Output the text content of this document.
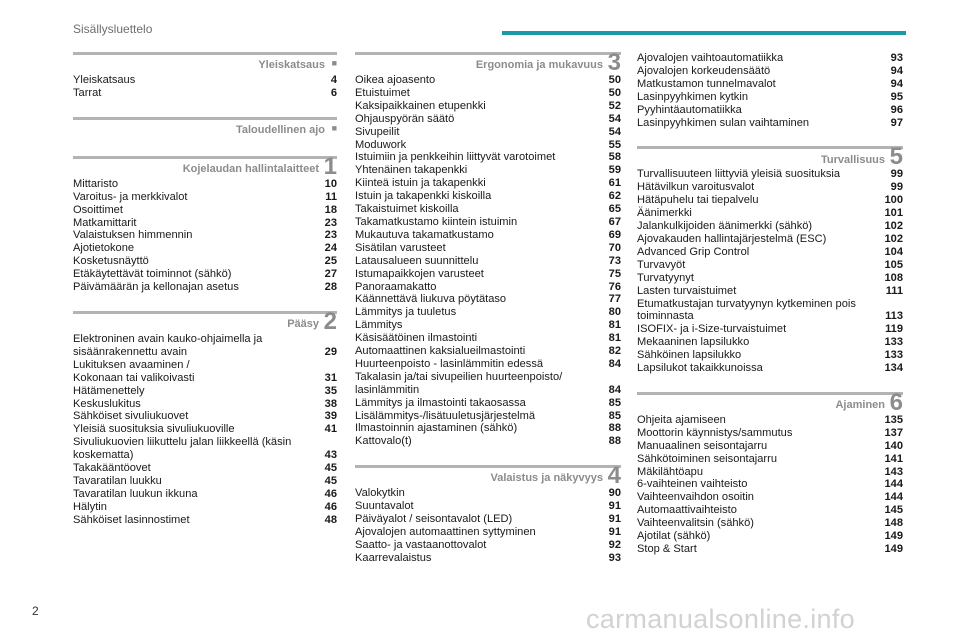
Sisällysluettelo
Yleiskatsaus ■
Yleiskatsaus	4
Tarrat	6
Taloudellinen ajo ■
Kojelaudan hallintalaitteet 1
Mittaristo	10
Varoitus- ja merkkivalot	11
Osoittimet	18
Matkamittarit	23
Valaistuksen himmennin	23
Ajotietokone	24
Kosketusnäyttö	25
Etäkäytettävät toiminnot (sähkö)	27
Päivämäärän ja kellonajan asetus	28
Pääsy 2
Elektroninen avain kauko-ohjaimella ja
sisäänrakennettu avain	29
Lukituksen avaaminen /
Kokonaan tai valikoivasti	31
Hätämenettely	35
Keskuslukitus	38
Sähköiset sivuliukuovet	39
Yleisiä suosituksia sivuliukuoville	41
Sivuliukuovien liikuttelu jalan liikkeellä (käsin
koskematta)	43
Takakääntöovet	45
Tavaratilan luukku	45
Tavaratilan luukun ikkuna	46
Hälytin	46
Sähköiset lasinnostimet	48
Ergonomia ja mukavuus 3
Oikea ajoasento	50
Etuistuimet	50
Kaksipaikkainen etupenkki	52
Ohjauspyörän säätö	54
Sivupeilit	54
Moduwork	55
Istuimiin ja penkkeihin liittyvät varotoimet	58
Yhtenäinen takapenkki	59
Kiinteä istuin ja takapenkki	61
Istuin ja takapenkki kiskoilla	62
Takaistuimet kiskoilla	65
Takamatkustamo kiintein istuimin	67
Mukautuva takamatkustamo	69
Sisätilan varusteet	70
Latausalueen suunnittelu	73
Istumapaikkojen varusteet	75
Panoraamakatto	76
Käännettävä liukuva pöytätaso	77
Lämmitys ja tuuletus	80
Lämmitys	81
Käsisäätöinen ilmastointi	81
Automaattinen kaksialueilmastointi	82
Huurteenpoisto - lasinlämmitin edessä	84
Takalasin ja/tai sivupeilien huurteenpoisto/
lasinlämmitin	84
Lämmitys ja ilmastointi takaosassa	85
Lisälämmitys-/lisätuuletusjärjestelmä	85
Ilmastoinnin ajastaminen (sähkö)	88
Kattovalo(t)	88
Valaistus ja näkyvyys 4
Valokytkin	90
Suuntavalot	91
Päiväyalot / seisontavalot (LED)	91
Ajovalojen automaattinen syttyminen	91
Saatto- ja vastaanottovalot	92
Kaarrevalaistus	93
Ajovalojen vaihtoautomatiikka	93
Ajovalojen korkeudensäätö	94
Matkustamon tunnelmavalot	94
Lasinpyyhkimen kytkin	95
Pyyhintäautomatiikka	96
Lasinpyyhkimen sulan vaihtaminen	97
Turvallisuus 5
Turvallisuuteen liittyviä yleisiä suosituksia	99
Hätävilkun varoitusvalot	99
Hätäpuhelu tai tiepalvelu	100
Äänimerkki	101
Jalankulkijoiden äänimerkki (sähkö)	102
Ajovakauden hallintajärjestelmä (ESC)	102
Advanced Grip Control	104
Turvavyöt	105
Turvatyynyt	108
Lasten turvaistuimet	111
Etumatkustajan turvatyynyn kytkeminen pois
toiminnasta	113
ISOFIX- ja i-Size-turvaistuimet	119
Mekaaninen lapsilukko	133
Sähköinen lapsilukko	133
Lapsilukot takaikkunoissa	134
Ajaminen 6
Ohjeita ajamiseen	135
Moottorin käynnistys/sammutus	137
Manuaalinen seisontajarru	140
Sähkötoiminen seisontajarru	141
Mäkilähtöapu	143
6-vaihteinen vaihteisto	144
Vaihteenvaihdon osoitin	144
Automaattivaihteisto	145
Vaihteenvalitsin (sähkö)	148
Ajotilat (sähkö)	149
Stop & Start	149
2	carmanualsonline.info
